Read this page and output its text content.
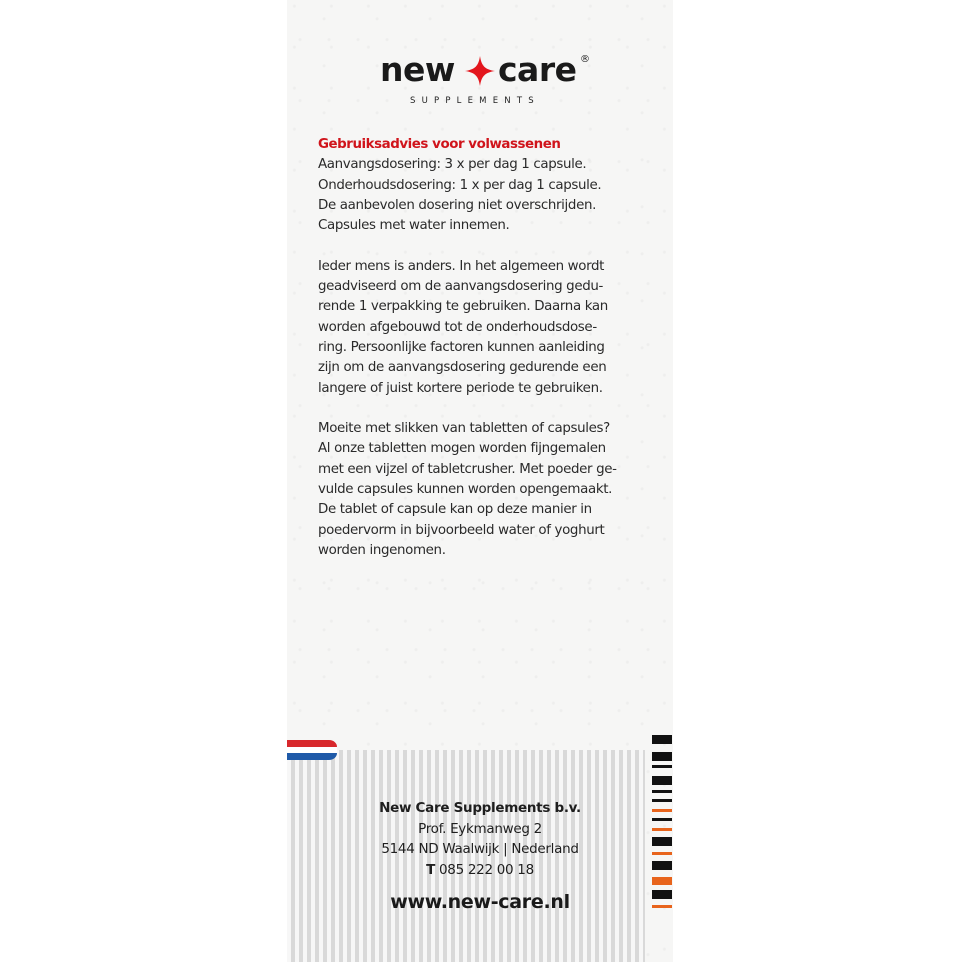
new care ®
SUPPLEMENTS

Gebruiksadvies voor volwassenen
Aanvangsdosering: 3 x per dag 1 capsule.
Onderhoudsdosering: 1 x per dag 1 capsule.
De aanbevolen dosering niet overschrijden.
Capsules met water innemen.

Ieder mens is anders. In het algemeen wordt
geadviseerd om de aanvangsdosering gedu-
rende 1 verpakking te gebruiken. Daarna kan
worden afgebouwd tot de onderhoudsdose-
ring. Persoonlijke factoren kunnen aanleiding
zijn om de aanvangsdosering gedurende een
langere of juist kortere periode te gebruiken.

Moeite met slikken van tabletten of capsules?
Al onze tabletten mogen worden fijngemalen
met een vijzel of tabletcrusher. Met poeder ge-
vulde capsules kunnen worden opengemaakt.
De tablet of capsule kan op deze manier in
poedervorm in bijvoorbeeld water of yoghurt
worden ingenomen.

New Care Supplements b.v.
Prof. Eykmanweg 2
5144 ND Waalwijk | Nederland
T 085 222 00 18
www.new-care.nl
